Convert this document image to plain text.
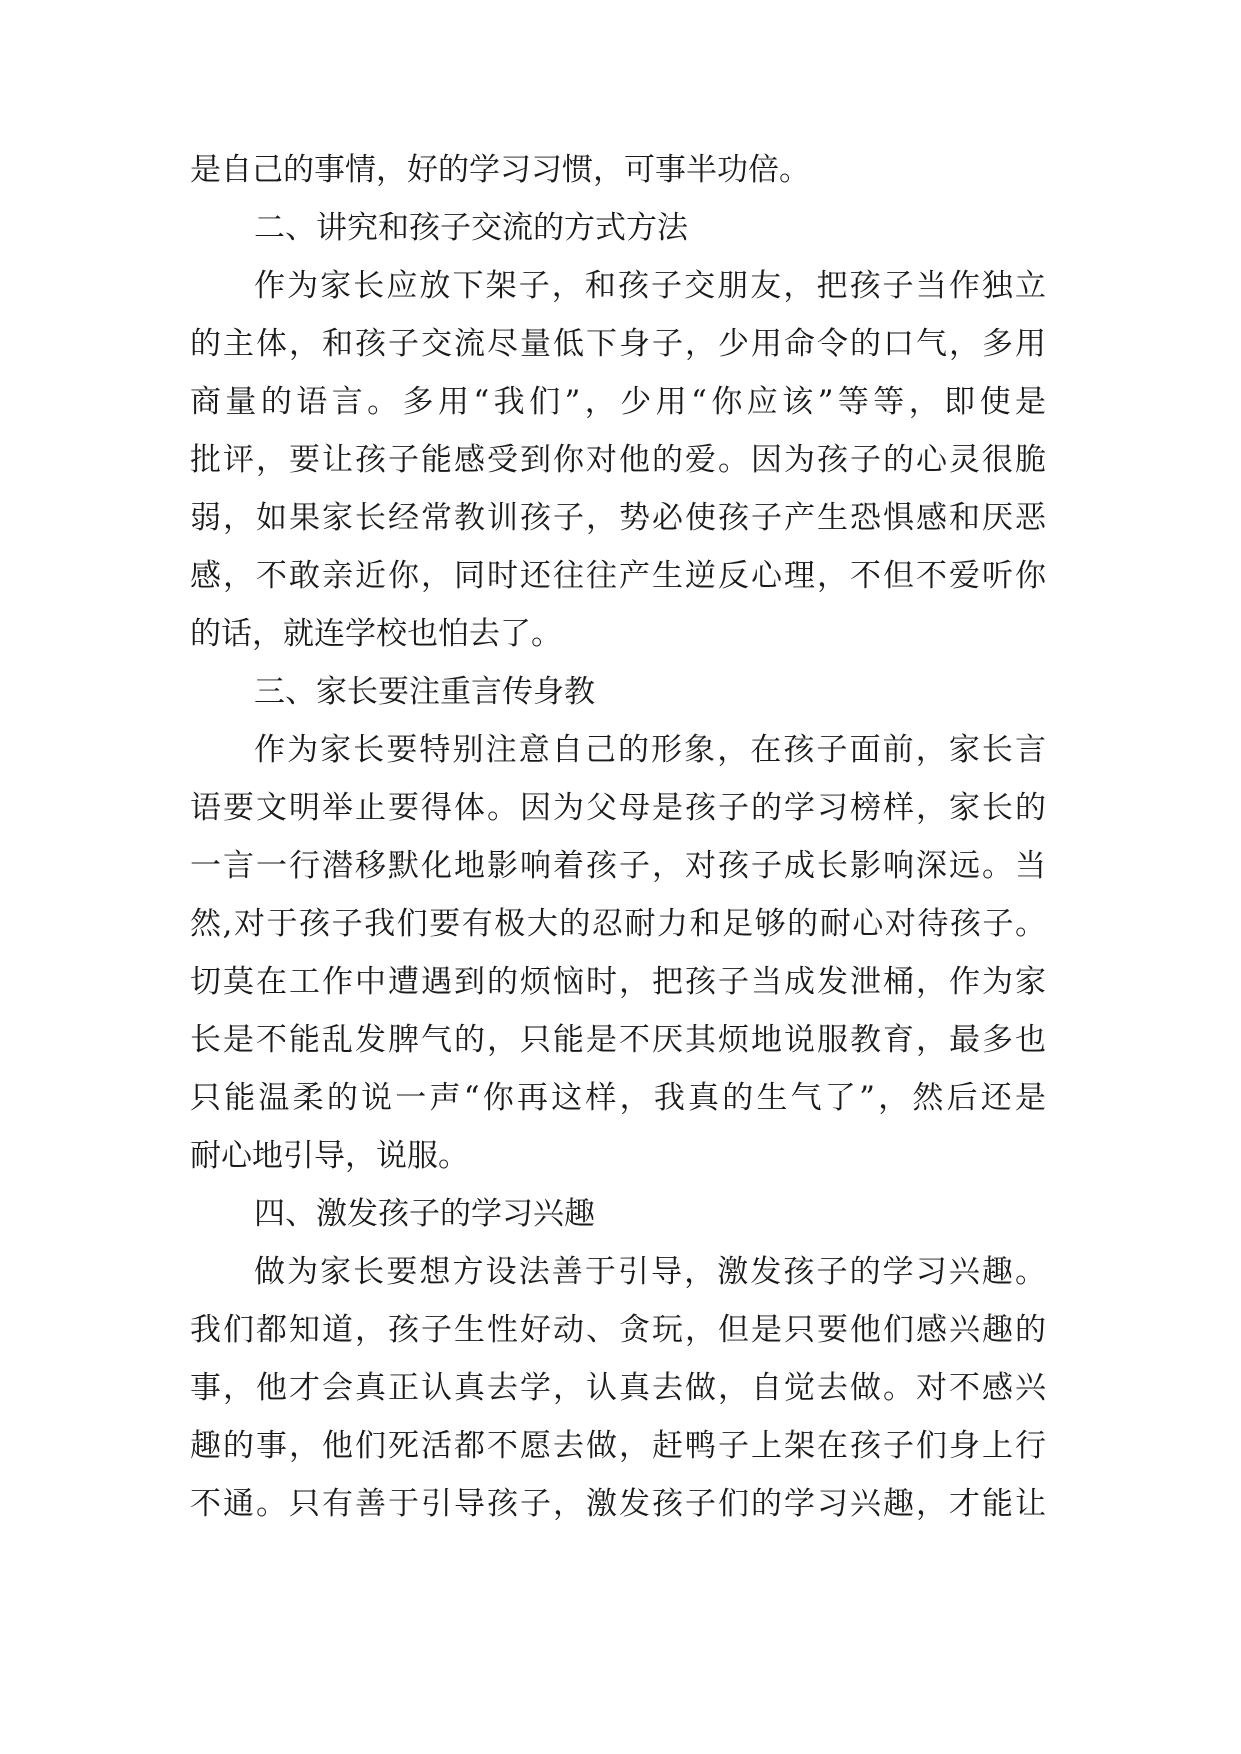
是自己的事情，好的学习习惯，可事半功倍。
二、讲究和孩子交流的方式方法
作为家长应放下架子，和孩子交朋友，把孩子当作独立
的主体，和孩子交流尽量低下身子，少用命令的口气，多用
商量的语言。多用“我们”，少用“你应该”等等，即使是
批评，要让孩子能感受到你对他的爱。因为孩子的心灵很脆
弱，如果家长经常教训孩子，势必使孩子产生恐惧感和厌恶
感，不敢亲近你，同时还往往产生逆反心理，不但不爱听你
的话，就连学校也怕去了。
三、家长要注重言传身教
作为家长要特别注意自己的形象，在孩子面前，家长言
语要文明举止要得体。因为父母是孩子的学习榜样，家长的
一言一行潜移默化地影响着孩子，对孩子成长影响深远。当
然,对于孩子我们要有极大的忍耐力和足够的耐心对待孩子。
切莫在工作中遭遇到的烦恼时，把孩子当成发泄桶，作为家
长是不能乱发脾气的，只能是不厌其烦地说服教育，最多也
只能温柔的说一声“你再这样，我真的生气了”，然后还是
耐心地引导，说服。
四、激发孩子的学习兴趣
做为家长要想方设法善于引导，激发孩子的学习兴趣。
我们都知道，孩子生性好动、贪玩，但是只要他们感兴趣的
事，他才会真正认真去学，认真去做，自觉去做。对不感兴
趣的事，他们死活都不愿去做，赶鸭子上架在孩子们身上行
不通。只有善于引导孩子，激发孩子们的学习兴趣，才能让
